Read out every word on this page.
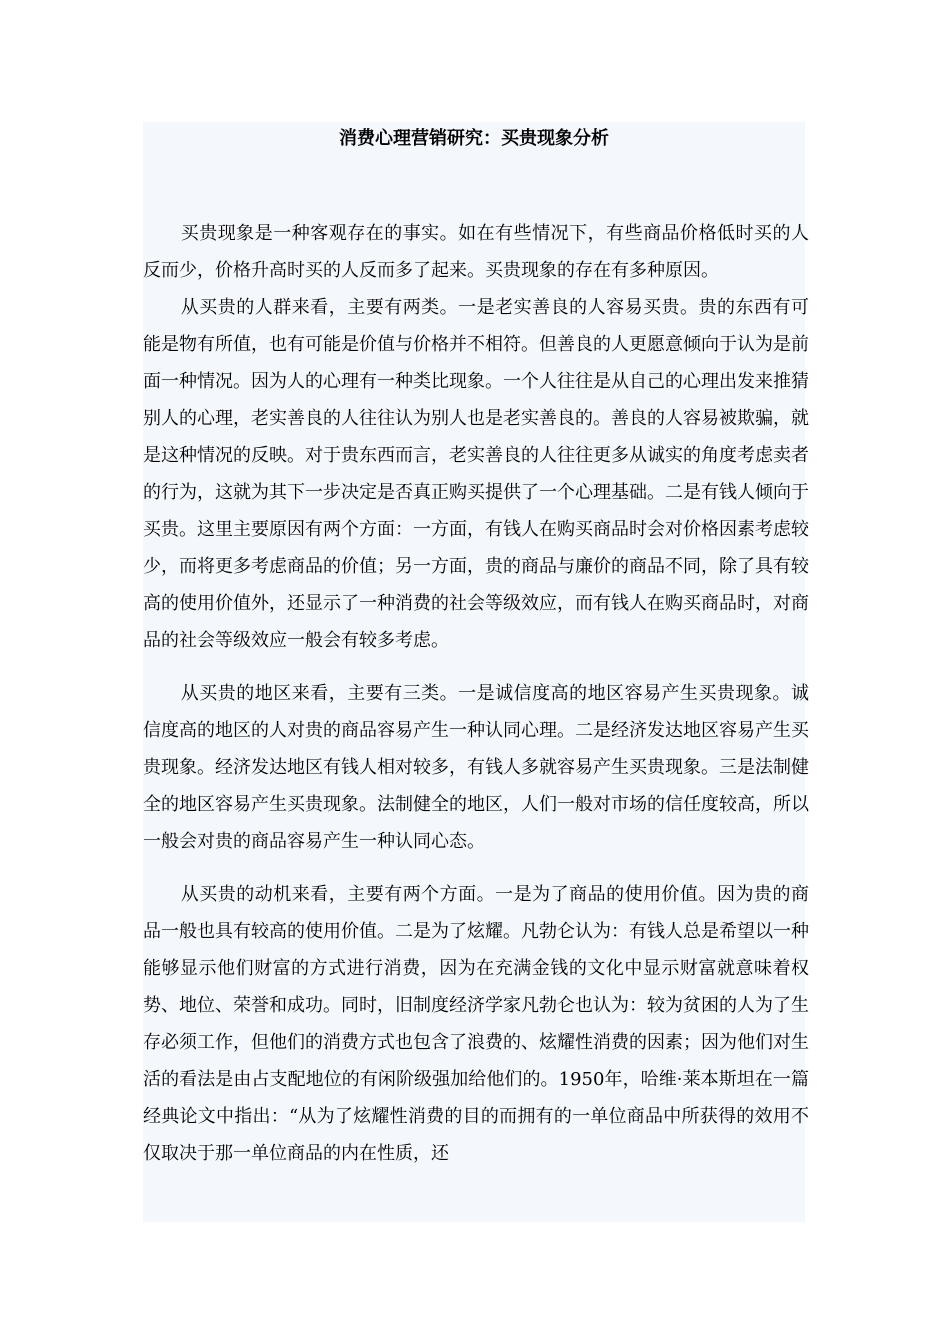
消费心理营销研究：买贵现象分析

买贵现象是一种客观存在的事实。如在有些情况下，有些商品价格低时买的人反而少，价格升高时买的人反而多了起来。买贵现象的存在有多种原因。

从买贵的人群来看，主要有两类。一是老实善良的人容易买贵。贵的东西有可能是物有所值，也有可能是价值与价格并不相符。但善良的人更愿意倾向于认为是前面一种情况。因为人的心理有一种类比现象。一个人往往是从自己的心理出发来推猜别人的心理，老实善良的人往往认为别人也是老实善良的。善良的人容易被欺骗，就是这种情况的反映。对于贵东西而言，老实善良的人往往更多从诚实的角度考虑卖者的行为，这就为其下一步决定是否真正购买提供了一个心理基础。二是有钱人倾向于买贵。这里主要原因有两个方面：一方面，有钱人在购买商品时会对价格因素考虑较少，而将更多考虑商品的价值；另一方面，贵的商品与廉价的商品不同，除了具有较高的使用价值外，还显示了一种消费的社会等级效应，而有钱人在购买商品时，对商品的社会等级效应一般会有较多考虑。

从买贵的地区来看，主要有三类。一是诚信度高的地区容易产生买贵现象。诚信度高的地区的人对贵的商品容易产生一种认同心理。二是经济发达地区容易产生买贵现象。经济发达地区有钱人相对较多，有钱人多就容易产生买贵现象。三是法制健全的地区容易产生买贵现象。法制健全的地区，人们一般对市场的信任度较高，所以一般会对贵的商品容易产生一种认同心态。

从买贵的动机来看，主要有两个方面。一是为了商品的使用价值。因为贵的商品一般也具有较高的使用价值。二是为了炫耀。凡勃仑认为：有钱人总是希望以一种能够显示他们财富的方式进行消费，因为在充满金钱的文化中显示财富就意味着权势、地位、荣誉和成功。同时，旧制度经济学家凡勃仑也认为：较为贫困的人为了生存必须工作，但他们的消费方式也包含了浪费的、炫耀性消费的因素；因为他们对生活的看法是由占支配地位的有闲阶级强加给他们的。1950年，哈维·莱本斯坦在一篇经典论文中指出：“从为了炫耀性消费的目的而拥有的一单位商品中所获得的效用不仅取决于那一单位商品的内在性质，还
